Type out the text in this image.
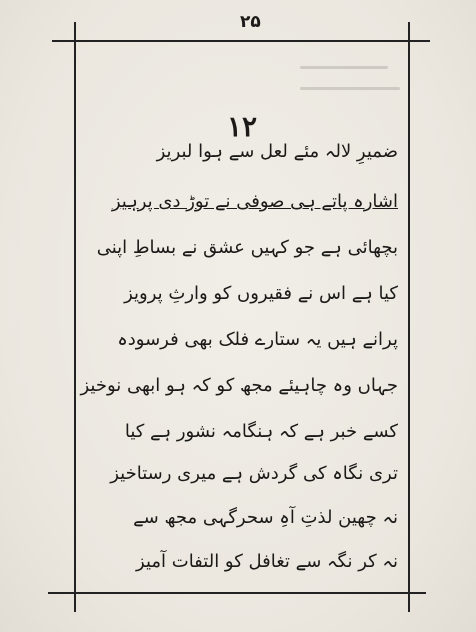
۲۵
۱۲
ضمیرِ لالہ مئے لعل سے ہوا لبریز
اشارہ پاتے ہی صوفی نے توڑ دی پرہیز
بچھائی ہے جو کہیں عشق نے بساطِ اپنی
کیا ہے اس نے فقیروں کو وارثِ پرویز
پرانے ہیں یہ ستارے فلک بھی فرسودہ
جہاں وہ چاہیئے مجھ کو کہ ہو ابھی نوخیز
کسے خبر ہے کہ ہنگامہ نشور ہے کیا
تری نگاہ کی گردش ہے میری رستاخیز
نہ چھین لذتِ آہِ سحرگہی مجھ سے
نہ کر نگہ سے تغافل کو التفات آمیز
